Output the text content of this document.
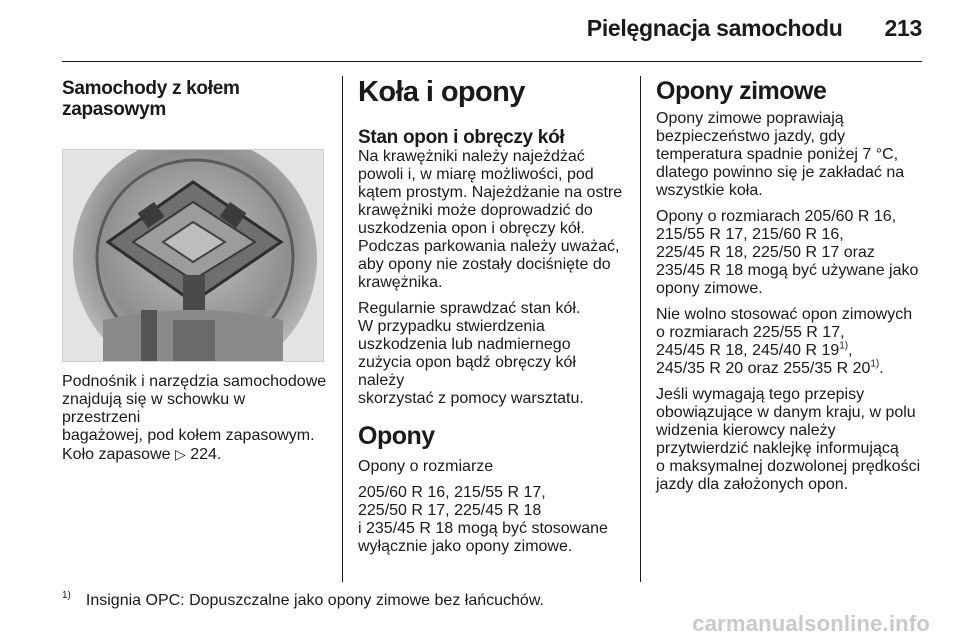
Pielęgnacja samochodu 213
Samochody z kołem
zapasowym
Podnośnik i narzędzia samochodowe
znajdują się w schowku w przestrzeni
bagażowej, pod kołem zapasowym.
Koło zapasowe ▷ 224.
Koła i opony
Stan opon i obręczy kół
Na krawężniki należy najeżdżać
powoli i, w miarę możliwości, pod
kątem prostym. Najeżdżanie na ostre
krawężniki może doprowadzić do
uszkodzenia opon i obręczy kół.
Podczas parkowania należy uważać,
aby opony nie zostały dociśnięte do
krawężnika.
Regularnie sprawdzać stan kół.
W przypadku stwierdzenia
uszkodzenia lub nadmiernego
zużycia opon bądź obręczy kół należy
skorzystać z pomocy warsztatu.
Opony
Opony o rozmiarze
205/60 R 16, 215/55 R 17,
225/50 R 17, 225/45 R 18
i 235/45 R 18 mogą być stosowane
wyłącznie jako opony zimowe.
Opony zimowe
Opony zimowe poprawiają
bezpieczeństwo jazdy, gdy
temperatura spadnie poniżej 7 °C,
dlatego powinno się je zakładać na
wszystkie koła.
Opony o rozmiarach 205/60 R 16,
215/55 R 17, 215/60 R 16,
225/45 R 18, 225/50 R 17 oraz
235/45 R 18 mogą być używane jako
opony zimowe.
Nie wolno stosować opon zimowych
o rozmiarach 225/55 R 17,
245/45 R 18, 245/40 R 19$^{1)}$,
245/35 R 20 oraz 255/35 R 20$^{1)}$.
Jeśli wymagają tego przepisy
obowiązujące w danym kraju, w polu
widzenia kierowcy należy
przytwierdzić naklejkę informującą
o maksymalnej dozwolonej prędkości
jazdy dla założonych opon.
$^{1)}$ Insignia OPC: Dopuszczalne jako opony zimowe bez łańcuchów.
carmanualsonline.info
